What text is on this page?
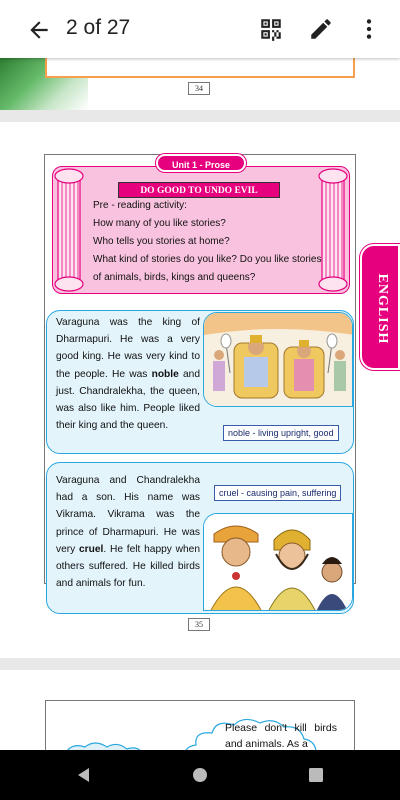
2 of 27
34
Unit 1 - Prose
DO GOOD TO UNDO EVIL
Pre - reading activity:
How many of you like stories?
Who tells you stories at home?
What kind of stories do you like? Do you like stories of animals, birds, kings and queens?
Varaguna was the king of Dharmapuri. He was a very good king. He was very kind to the people. He was noble and just. Chandralekha, the queen, was also like him. People liked their king and the queen.
noble - living upright, good
Varaguna and Chandralekha had a son. His name was Vikrama. Vikrama was the prince of Dharmapuri. He was very cruel. He felt happy when others suffered. He killed birds and animals for fun.
cruel - causing pain, suffering
35
ENGLISH
Please don't kill birds and animals. As a
